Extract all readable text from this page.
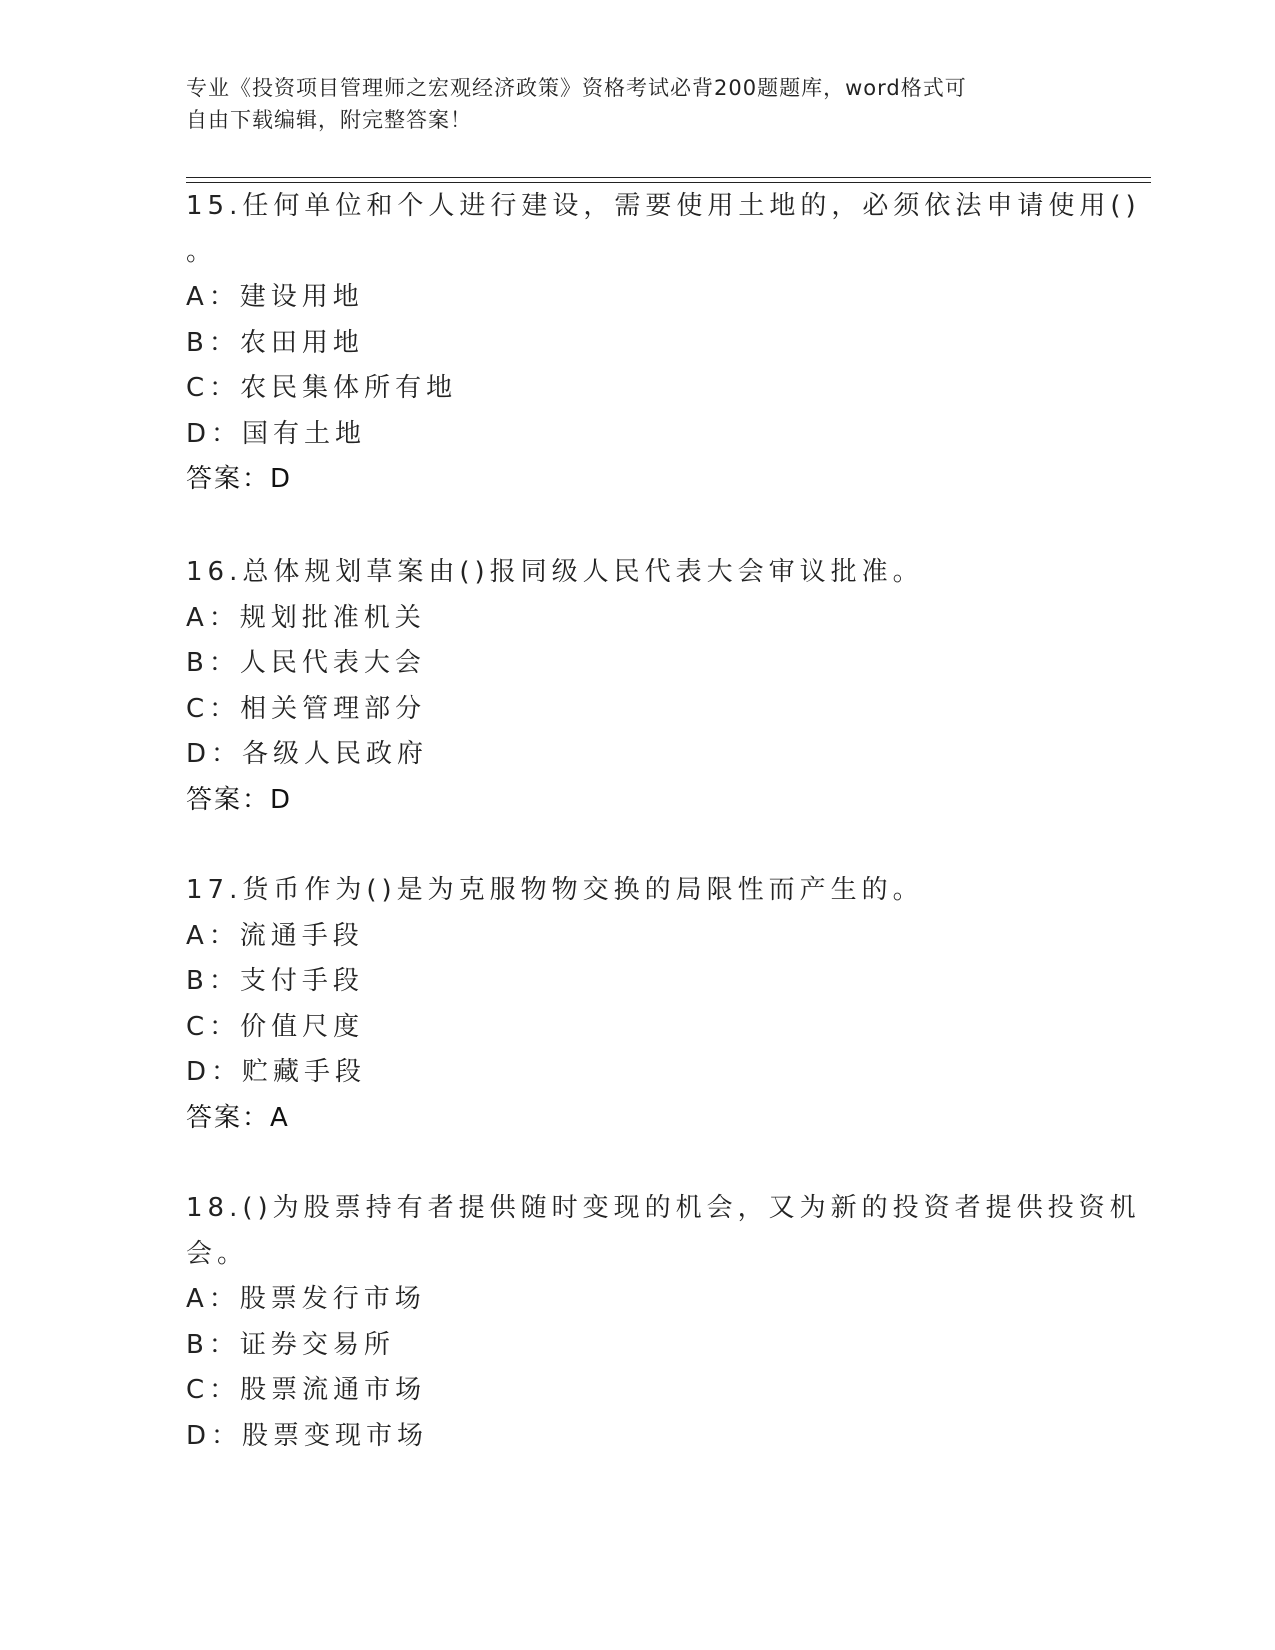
专业《投资项目管理师之宏观经济政策》资格考试必背200题题库，word格式可
自由下载编辑，附完整答案！
15.任何单位和个人进行建设，需要使用土地的，必须依法申请使用()
。
A：建设用地
B：农田用地
C：农民集体所有地
D：国有土地
答案：D
16.总体规划草案由()报同级人民代表大会审议批准。
A：规划批准机关
B：人民代表大会
C：相关管理部分
D：各级人民政府
答案：D
17.货币作为()是为克服物物交换的局限性而产生的。
A：流通手段
B：支付手段
C：价值尺度
D：贮藏手段
答案：A
18.()为股票持有者提供随时变现的机会，又为新的投资者提供投资机
会。
A：股票发行市场
B：证券交易所
C：股票流通市场
D：股票变现市场
